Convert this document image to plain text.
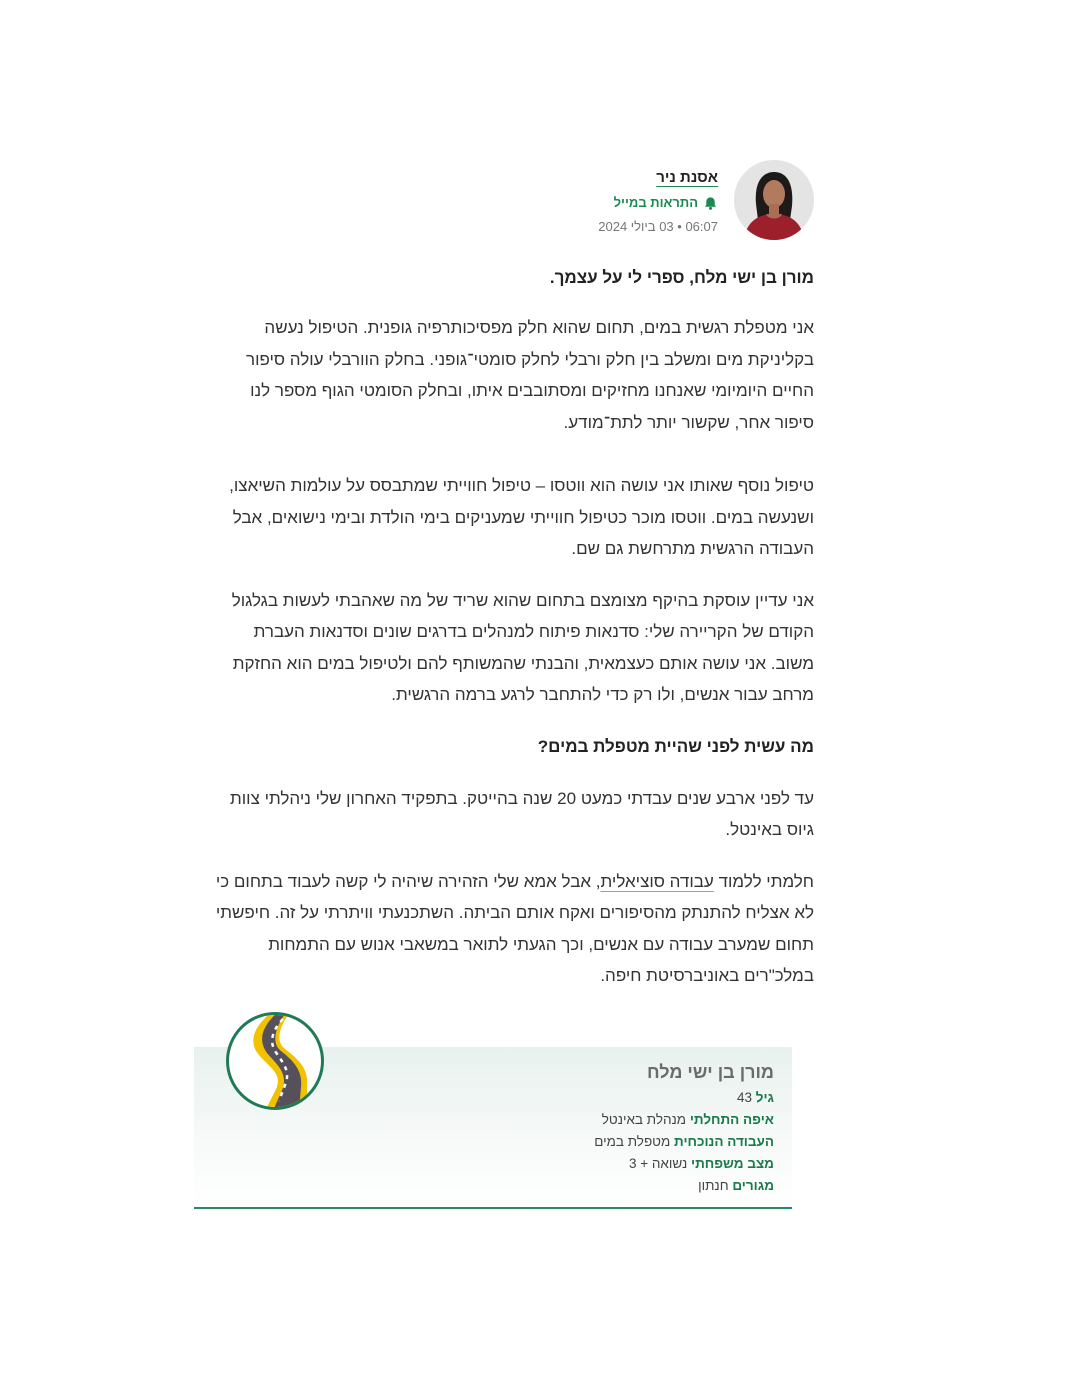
אסנת ניר
התראות במייל
06:07 • 03 ביולי 2024

מורן בן ישי מלח, ספרי לי על עצמך.

אני מטפלת רגשית במים, תחום שהוא חלק מפסיכותרפיה גופנית. הטיפול נעשה בקליניקת מים ומשלב בין חלק ורבלי לחלק סומטי־גופני. בחלק הוורבלי עולה סיפור החיים היומיומי שאנחנו מחזיקים ומסתובבים איתו, ובחלק הסומטי הגוף מספר לנו סיפור אחר, שקשור יותר לתת־מודע.

טיפול נוסף שאותו אני עושה הוא ווטסו – טיפול חווייתי שמתבסס על עולמות השיאצו, ושנעשה במים. ווטסו מוכר כטיפול חווייתי שמעניקים בימי הולדת ובימי נישואים, אבל העבודה הרגשית מתרחשת גם שם.

אני עדיין עוסקת בהיקף מצומצם בתחום שהוא שריד של מה שאהבתי לעשות בגלגול הקודם של הקריירה שלי: סדנאות פיתוח למנהלים בדרגים שונים וסדנאות העברת משוב. אני עושה אותם כעצמאית, והבנתי שהמשותף להם ולטיפול במים הוא החזקת מרחב עבור אנשים, ולו רק כדי להתחבר לרגע ברמה הרגשית.

מה עשית לפני שהיית מטפלת במים?

עד לפני ארבע שנים עבדתי כמעט 20 שנה בהייטק. בתפקיד האחרון שלי ניהלתי צוות גיוס באינטל.

חלמתי ללמוד עבודה סוציאלית, אבל אמא שלי הזהירה שיהיה לי קשה לעבוד בתחום כי לא אצליח להתנתק מהסיפורים ואקח אותם הביתה. השתכנעתי וויתרתי על זה. חיפשתי תחום שמערב עבודה עם אנשים, וכך הגעתי לתואר במשאבי אנוש עם התמחות במלכ"רים באוניברסיטת חיפה.

מורן בן ישי מלח
גיל 43
איפה התחלתי מנהלת באינטל
העבודה הנוכחית מטפלת במים
מצב משפחתי נשואה + 3
מגורים חנתון
